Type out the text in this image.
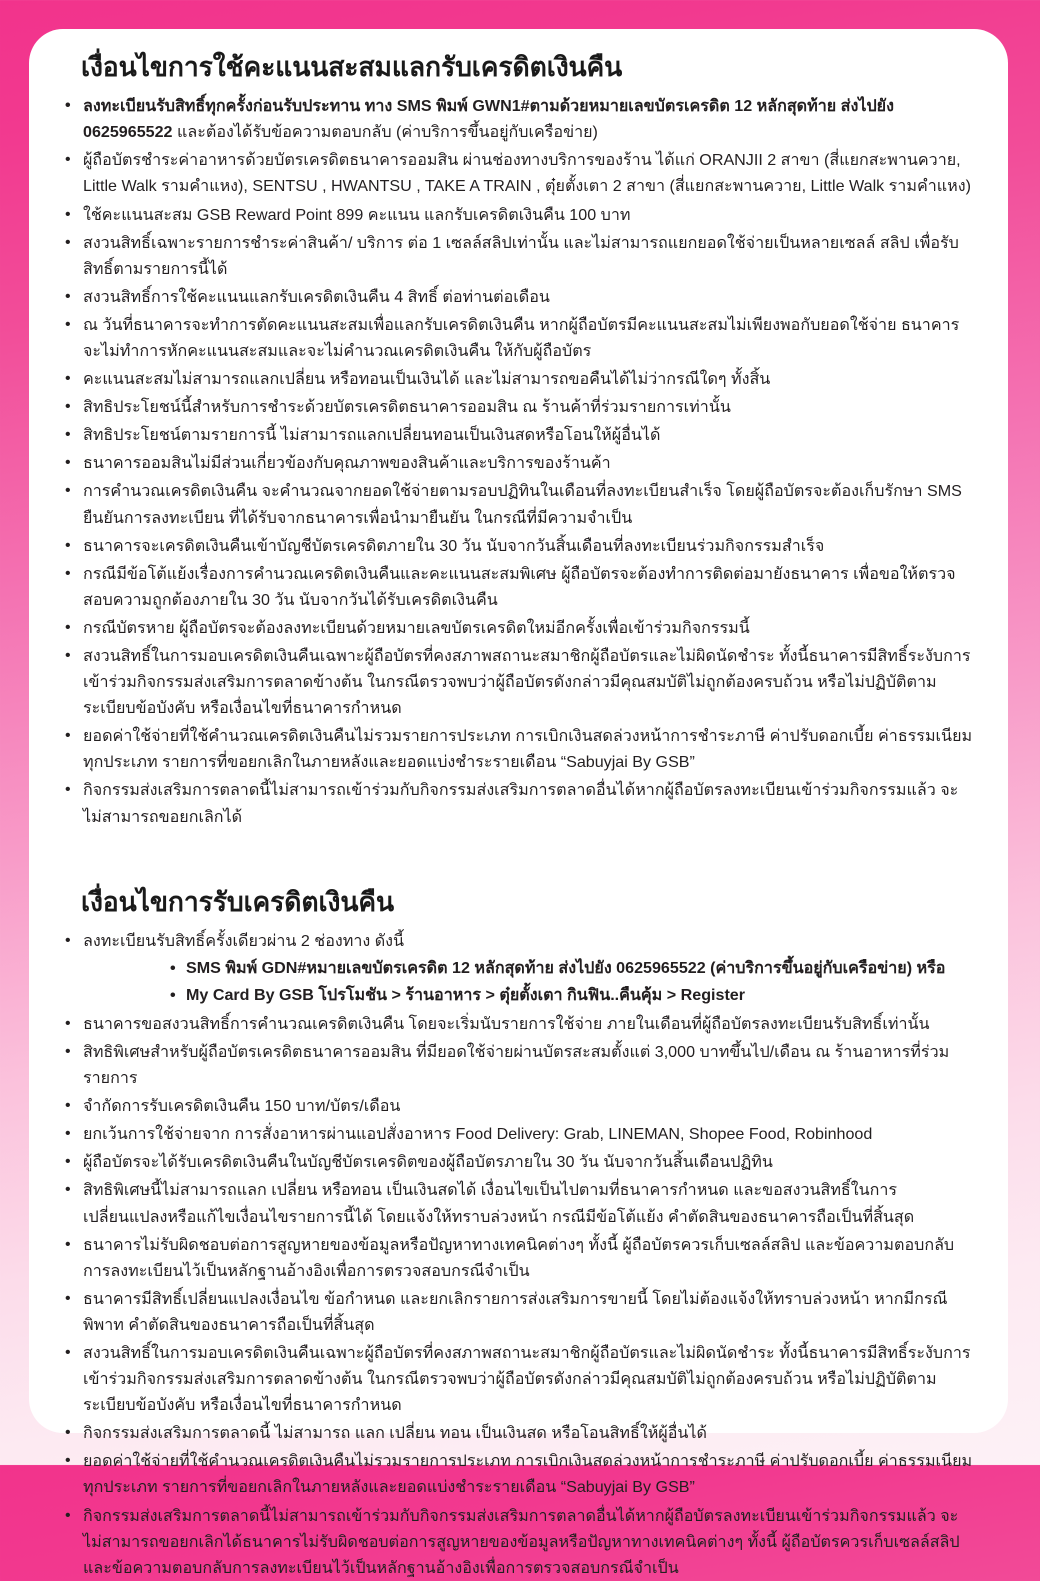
เงื่อนไขการใช้คะแนนสะสมแลกรับเครดิตเงินคืน
• ลงทะเบียนรับสิทธิ์ทุกครั้งก่อนรับประทาน ทาง SMS พิมพ์ GWN1#ตามด้วยหมายเลขบัตรเครดิต 12 หลักสุดท้าย ส่งไปยัง 0625965522 และต้องได้รับข้อความตอบกลับ (ค่าบริการขึ้นอยู่กับเครือข่าย)
• ผู้ถือบัตรชำระค่าอาหารด้วยบัตรเครดิตธนาคารออมสิน ผ่านช่องทางบริการของร้าน ได้แก่ ORANJII 2 สาขา (สี่แยกสะพานควาย, Little Walk รามคำแหง), SENTSU , HWANTSU , TAKE A TRAIN , ตุ๋ยตั้งเตา 2 สาขา (สี่แยกสะพานควาย, Little Walk รามคำแหง)
• ใช้คะแนนสะสม GSB Reward Point 899 คะแนน แลกรับเครดิตเงินคืน 100 บาท
• สงวนสิทธิ์เฉพาะรายการชำระค่าสินค้า/ บริการ ต่อ 1 เซลล์สลิปเท่านั้น และไม่สามารถแยกยอดใช้จ่ายเป็นหลายเซลล์ สลิป เพื่อรับสิทธิ์ตามรายการนี้ได้
• สงวนสิทธิ์การใช้คะแนนแลกรับเครดิตเงินคืน 4 สิทธิ์ ต่อท่านต่อเดือน
• ณ วันที่ธนาคารจะทำการตัดคะแนนสะสมเพื่อแลกรับเครดิตเงินคืน หากผู้ถือบัตรมีคะแนนสะสมไม่เพียงพอกับยอดใช้จ่าย ธนาคารจะไม่ทำการหักคะแนนสะสมและจะไม่คำนวณเครดิตเงินคืน ให้กับผู้ถือบัตร
• คะแนนสะสมไม่สามารถแลกเปลี่ยน หรือทอนเป็นเงินได้ และไม่สามารถขอคืนได้ไม่ว่ากรณีใดๆ ทั้งสิ้น
• สิทธิประโยชน์นี้สำหรับการชำระด้วยบัตรเครดิตธนาคารออมสิน ณ ร้านค้าที่ร่วมรายการเท่านั้น
• สิทธิประโยชน์ตามรายการนี้ ไม่สามารถแลกเปลี่ยนทอนเป็นเงินสดหรือโอนให้ผู้อื่นได้
• ธนาคารออมสินไม่มีส่วนเกี่ยวข้องกับคุณภาพของสินค้าและบริการของร้านค้า
• การคำนวณเครดิตเงินคืน จะคำนวณจากยอดใช้จ่ายตามรอบปฏิทินในเดือนที่ลงทะเบียนสำเร็จ โดยผู้ถือบัตรจะต้องเก็บรักษา SMS ยืนยันการลงทะเบียน ที่ได้รับจากธนาคารเพื่อนำมายืนยัน ในกรณีที่มีความจำเป็น
• ธนาคารจะเครดิตเงินคืนเข้าบัญชีบัตรเครดิตภายใน 30 วัน นับจากวันสิ้นเดือนที่ลงทะเบียนร่วมกิจกรรมสำเร็จ
• กรณีมีข้อโต้แย้งเรื่องการคำนวณเครดิตเงินคืนและคะแนนสะสมพิเศษ ผู้ถือบัตรจะต้องทำการติดต่อมายังธนาคาร เพื่อขอให้ตรวจสอบความถูกต้องภายใน 30 วัน นับจากวันได้รับเครดิตเงินคืน
• กรณีบัตรหาย ผู้ถือบัตรจะต้องลงทะเบียนด้วยหมายเลขบัตรเครดิตใหม่อีกครั้งเพื่อเข้าร่วมกิจกรรมนี้
• สงวนสิทธิ์ในการมอบเครดิตเงินคืนเฉพาะผู้ถือบัตรที่คงสภาพสถานะสมาชิกผู้ถือบัตรและไม่ผิดนัดชำระ ทั้งนี้ธนาคารมีสิทธิ์ระงับการเข้าร่วมกิจกรรมส่งเสริมการตลาดข้างต้น ในกรณีตรวจพบว่าผู้ถือบัตรดังกล่าวมีคุณสมบัติไม่ถูกต้องครบถ้วน หรือไม่ปฏิบัติตามระเบียบข้อบังคับ หรือเงื่อนไขที่ธนาคารกำหนด
• ยอดค่าใช้จ่ายที่ใช้คำนวณเครดิตเงินคืนไม่รวมรายการประเภท การเบิกเงินสดล่วงหน้าการชำระภาษี ค่าปรับดอกเบี้ย ค่าธรรมเนียมทุกประเภท รายการที่ขอยกเลิกในภายหลังและยอดแบ่งชำระรายเดือน “Sabuyjai By GSB”
• กิจกรรมส่งเสริมการตลาดนี้ไม่สามารถเข้าร่วมกับกิจกรรมส่งเสริมการตลาดอื่นได้หากผู้ถือบัตรลงทะเบียนเข้าร่วมกิจกรรมแล้ว จะไม่สามารถขอยกเลิกได้
เงื่อนไขการรับเครดิตเงินคืน
• ลงทะเบียนรับสิทธิ์ครั้งเดียวผ่าน 2 ช่องทาง ดังนี้
• SMS พิมพ์ GDN#หมายเลขบัตรเครดิต 12 หลักสุดท้าย ส่งไปยัง 0625965522 (ค่าบริการขึ้นอยู่กับเครือข่าย) หรือ
• My Card By GSB โปรโมชัน > ร้านอาหาร > ตุ๋ยตั้งเตา กินฟิน..คืนคุ้ม > Register
• ธนาคารขอสงวนสิทธิ์การคำนวณเครดิตเงินคืน โดยจะเริ่มนับรายการใช้จ่าย ภายในเดือนที่ผู้ถือบัตรลงทะเบียนรับสิทธิ์เท่านั้น
• สิทธิพิเศษสำหรับผู้ถือบัตรเครดิตธนาคารออมสิน ที่มียอดใช้จ่ายผ่านบัตรสะสมตั้งแต่ 3,000 บาทขึ้นไป/เดือน ณ ร้านอาหารที่ร่วมรายการ
• จำกัดการรับเครดิตเงินคืน 150 บาท/บัตร/เดือน
• ยกเว้นการใช้จ่ายจาก การสั่งอาหารผ่านแอปสั่งอาหาร Food Delivery: Grab, LINEMAN, Shopee Food, Robinhood
• ผู้ถือบัตรจะได้รับเครดิตเงินคืนในบัญชีบัตรเครดิตของผู้ถือบัตรภายใน 30 วัน นับจากวันสิ้นเดือนปฏิทิน
• สิทธิพิเศษนี้ไม่สามารถแลก เปลี่ยน หรือทอน เป็นเงินสดได้ เงื่อนไขเป็นไปตามที่ธนาคารกำหนด และขอสงวนสิทธิ์ในการเปลี่ยนแปลงหรือแก้ไขเงื่อนไขรายการนี้ได้ โดยแจ้งให้ทราบล่วงหน้า กรณีมีข้อโต้แย้ง คำตัดสินของธนาคารถือเป็นที่สิ้นสุด
• ธนาคารไม่รับผิดชอบต่อการสูญหายของข้อมูลหรือปัญหาทางเทคนิคต่างๆ ทั้งนี้ ผู้ถือบัตรควรเก็บเซลล์สลิป และข้อความตอบกลับการลงทะเบียนไว้เป็นหลักฐานอ้างอิงเพื่อการตรวจสอบกรณีจำเป็น
• ธนาคารมีสิทธิ์เปลี่ยนแปลงเงื่อนไข ข้อกำหนด และยกเลิกรายการส่งเสริมการขายนี้ โดยไม่ต้องแจ้งให้ทราบล่วงหน้า หากมีกรณีพิพาท คำตัดสินของธนาคารถือเป็นที่สิ้นสุด
• สงวนสิทธิ์ในการมอบเครดิตเงินคืนเฉพาะผู้ถือบัตรที่คงสภาพสถานะสมาชิกผู้ถือบัตรและไม่ผิดนัดชำระ ทั้งนี้ธนาคารมีสิทธิ์ระงับการเข้าร่วมกิจกรรมส่งเสริมการตลาดข้างต้น ในกรณีตรวจพบว่าผู้ถือบัตรดังกล่าวมีคุณสมบัติไม่ถูกต้องครบถ้วน หรือไม่ปฏิบัติตามระเบียบข้อบังคับ หรือเงื่อนไขที่ธนาคารกำหนด
• กิจกรรมส่งเสริมการตลาดนี้ ไม่สามารถ แลก เปลี่ยน ทอน เป็นเงินสด หรือโอนสิทธิ์ให้ผู้อื่นได้
• ยอดค่าใช้จ่ายที่ใช้คำนวณเครดิตเงินคืนไม่รวมรายการประเภท การเบิกเงินสดล่วงหน้าการชำระภาษี ค่าปรับดอกเบี้ย ค่าธรรมเนียมทุกประเภท รายการที่ขอยกเลิกในภายหลังและยอดแบ่งชำระรายเดือน “Sabuyjai By GSB”
• กิจกรรมส่งเสริมการตลาดนี้ไม่สามารถเข้าร่วมกับกิจกรรมส่งเสริมการตลาดอื่นได้หากผู้ถือบัตรลงทะเบียนเข้าร่วมกิจกรรมแล้ว จะไม่สามารถขอยกเลิกได้ธนาคารไม่รับผิดชอบต่อการสูญหายของข้อมูลหรือปัญหาทางเทคนิคต่างๆ ทั้งนี้ ผู้ถือบัตรควรเก็บเซลล์สลิป และข้อความตอบกลับการลงทะเบียนไว้เป็นหลักฐานอ้างอิงเพื่อการตรวจสอบกรณีจำเป็น
